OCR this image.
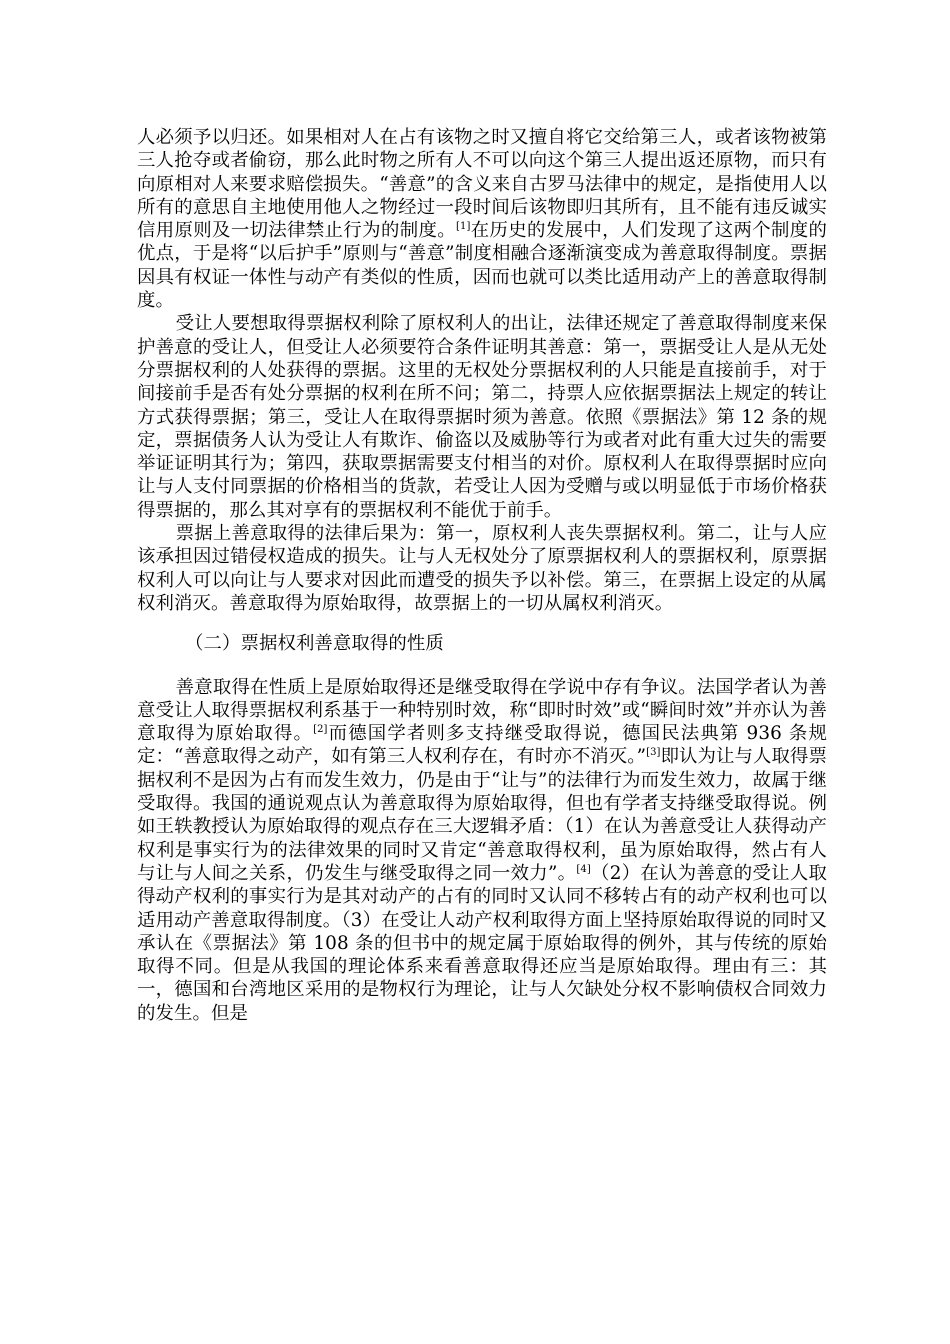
人必须予以归还。如果相对人在占有该物之时又擅自将它交给第三人，或者该物被第三人抢夺或者偷窃，那么此时物之所有人不可以向这个第三人提出返还原物，而只有向原相对人来要求赔偿损失。“善意”的含义来自古罗马法律中的规定，是指使用人以所有的意思自主地使用他人之物经过一段时间后该物即归其所有，且不能有违反诚实信用原则及一切法律禁止行为的制度。[1]在历史的发展中，人们发现了这两个制度的优点，于是将“以后护手”原则与“善意”制度相融合逐渐演变成为善意取得制度。票据因具有权证一体性与动产有类似的性质，因而也就可以类比适用动产上的善意取得制度。

受让人要想取得票据权利除了原权利人的出让，法律还规定了善意取得制度来保护善意的受让人，但受让人必须要符合条件证明其善意：第一，票据受让人是从无处分票据权利的人处获得的票据。这里的无权处分票据权利的人只能是直接前手，对于间接前手是否有处分票据的权利在所不问；第二，持票人应依据票据法上规定的转让方式获得票据；第三，受让人在取得票据时须为善意。依照《票据法》第 12 条的规定，票据债务人认为受让人有欺诈、偷盗以及威胁等行为或者对此有重大过失的需要举证证明其行为；第四，获取票据需要支付相当的对价。原权利人在取得票据时应向让与人支付同票据的价格相当的货款，若受让人因为受赠与或以明显低于市场价格获得票据的，那么其对享有的票据权利不能优于前手。

票据上善意取得的法律后果为：第一，原权利人丧失票据权利。第二，让与人应该承担因过错侵权造成的损失。让与人无权处分了原票据权利人的票据权利，原票据权利人可以向让与人要求对因此而遭受的损失予以补偿。第三，在票据上设定的从属权利消灭。善意取得为原始取得，故票据上的一切从属权利消灭。

（二）票据权利善意取得的性质

善意取得在性质上是原始取得还是继受取得在学说中存有争议。法国学者认为善意受让人取得票据权利系基于一种特别时效，称“即时时效”或“瞬间时效”并亦认为善意取得为原始取得。[2]而德国学者则多支持继受取得说，德国民法典第 936 条规定：“善意取得之动产，如有第三人权利存在，有时亦不消灭。”[3]即认为让与人取得票据权利不是因为占有而发生效力，仍是由于“让与”的法律行为而发生效力，故属于继受取得。我国的通说观点认为善意取得为原始取得，但也有学者支持继受取得说。例如王轶教授认为原始取得的观点存在三大逻辑矛盾：（1）在认为善意受让人获得动产权利是事实行为的法律效果的同时又肯定“善意取得权利，虽为原始取得，然占有人与让与人间之关系，仍发生与继受取得之同一效力”。[4]（2）在认为善意的受让人取得动产权利的事实行为是其对动产的占有的同时又认同不移转占有的动产权利也可以适用动产善意取得制度。（3）在受让人动产权利取得方面上坚持原始取得说的同时又承认在《票据法》第 108 条的但书中的规定属于原始取得的例外，其与传统的原始取得不同。但是从我国的理论体系来看善意取得还应当是原始取得。理由有三：其一，德国和台湾地区采用的是物权行为理论，让与人欠缺处分权不影响债权合同效力的发生。但是
